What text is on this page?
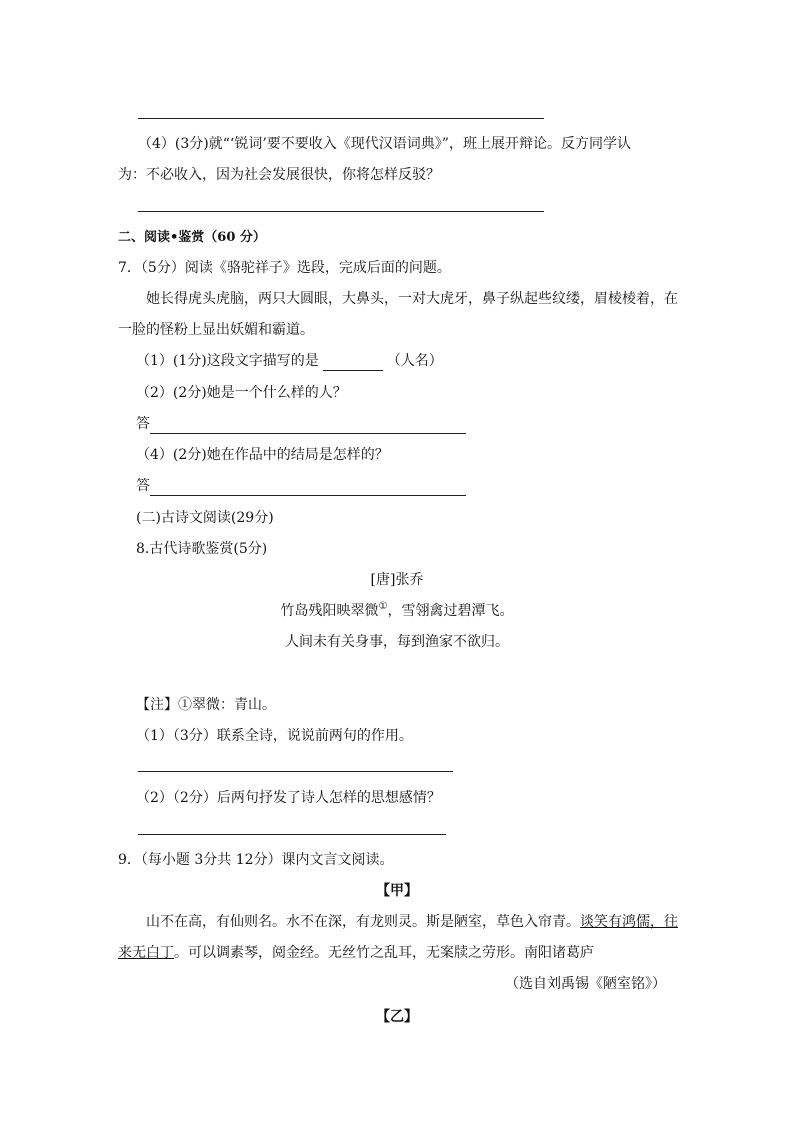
（4）(3分)就“‘锐词’要不要收入《现代汉语词典》”，班上展开辩论。反方同学认
为：不必收入，因为社会发展很快，你将怎样反驳？
二、阅读•鉴赏（60 分）
7．（5分）阅读《骆驼祥子》选段，完成后面的问题。
她长得虎头虎脑，两只大圆眼，大鼻头，一对大虎牙，鼻子纵起些纹缕，眉棱棱着，在
一脸的怪粉上显出妖媚和霸道。
（1）(1分)这段文字描写的是	（人名）
（2）(2分)她是一个什么样的人？
答
（4）(2分)她在作品中的结局是怎样的？
答
(二)古诗文阅读(29分)
8.古代诗歌鉴赏(5分)
[唐]张乔
竹岛残阳映翠微①，雪翎禽过碧潭飞。
人间未有关身事，每到渔家不欲归。
【注】①翠微：青山。
（1）（3分）联系全诗，说说前两句的作用。
（2）（2分）后两句抒发了诗人怎样的思想感情？
9．（每小题 3分共 12分）课内文言文阅读。
【甲】
山不在高，有仙则名。水不在深，有龙则灵。斯是陋室，草色入帘青。谈笑有鸿儒，往
来无白丁。可以调素琴，阅金经。无丝竹之乱耳，无案牍之劳形。南阳诸葛庐
（选自刘禹锡《陋室铭》）
【乙】
